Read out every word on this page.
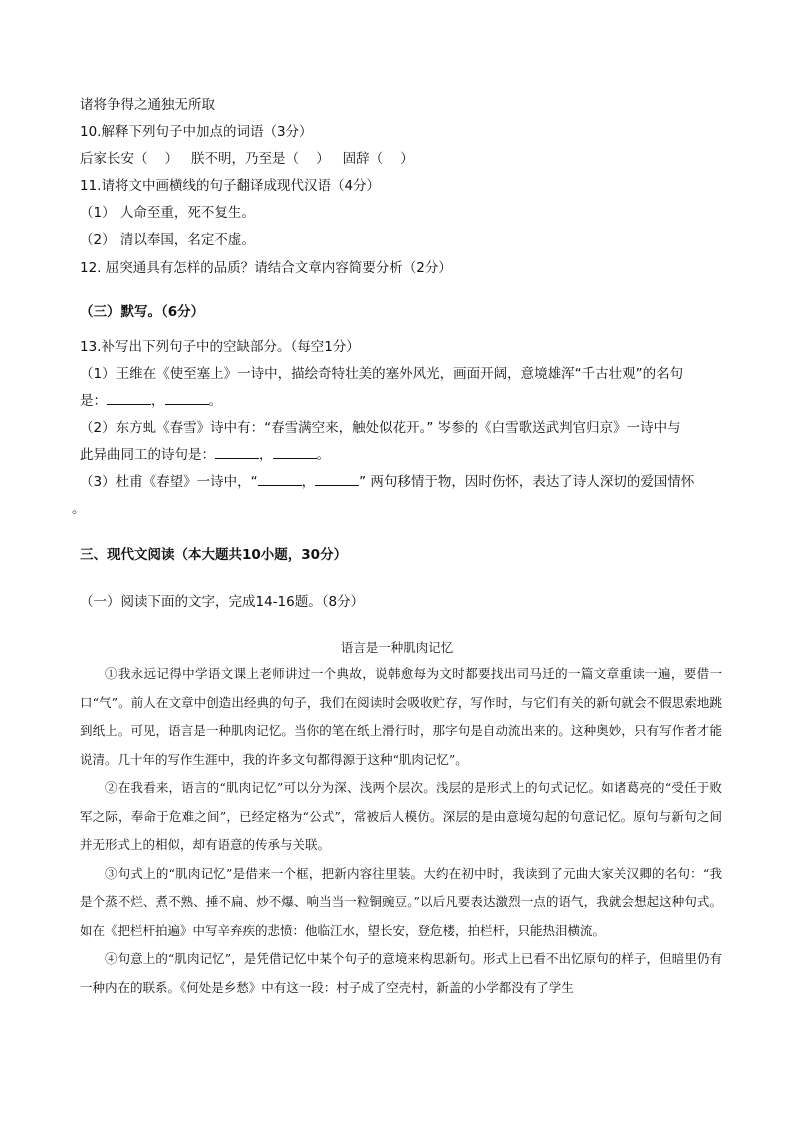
诸将争得之通独无所取
10.解释下列句子中加点的词语（3分）
后家长安（    ）   朕不明，乃至是（    ）   固辞（    ）
11.请将文中画横线的句子翻译成现代汉语（4分）
（1） 人命至重，死不复生。
（2） 清以奉国，名定不虚。
12. 屈突通具有怎样的品质？请结合文章内容简要分析（2分）
（三）默写。（6分）
13.补写出下列句子中的空缺部分。（每空1分）
（1）王维在《使至塞上》一诗中，描绘奇特壮美的塞外风光，画面开阔，意境雄浑“千古壮观”的名句
是：	，	。
（2）东方虬《春雪》诗中有：“春雪满空来，触处似花开。” 岑参的《白雪歌送武判官归京》一诗中与
此异曲同工的诗句是：	，	。
（3）杜甫《春望》一诗中，“	，	” 两句移情于物，因时伤怀，表达了诗人深切的爱国情怀
。
三、现代文阅读（本大题共10小题，30分）
（一）阅读下面的文字，完成14-16题。（8分）
语言是一种肌肉记忆

①我永远记得中学语文课上老师讲过一个典故，说韩愈每为文时都要找出司马迁的一篇文章重读一遍，要借一口“气”。前人在文章中创造出经典的句子，我们在阅读时会吸收贮存，写作时，与它们有关的新句就会不假思索地跳到纸上。可见，语言是一种肌肉记忆。当你的笔在纸上滑行时，那字句是自动流出来的。这种奥妙，只有写作者才能说清。几十年的写作生涯中，我的许多文句都得源于这种“肌肉记忆”。

②在我看来，语言的“肌肉记忆”可以分为深、浅两个层次。浅层的是形式上的句式记忆。如诸葛亮的“受任于败军之际，奉命于危难之间”，已经定格为“公式”，常被后人模仿。深层的是由意境勾起的句意记忆。原句与新句之间并无形式上的相似，却有语意的传承与关联。

③句式上的“肌肉记忆”是借来一个框，把新内容往里装。大约在初中时，我读到了元曲大家关汉卿的名句：“我是个蒸不烂、煮不熟、捶不扁、炒不爆、响当当一粒铜豌豆。”以后凡要表达激烈一点的语气，我就会想起这种句式。如在《把栏杆拍遍》中写辛弃疾的悲愤：他临江水，望长安，登危楼，拍栏杆，只能热泪横流。

④句意上的“肌肉记忆”，是凭借记忆中某个句子的意境来构思新句。形式上已看不出忆原句的样子，但暗里仍有一种内在的联系。《何处是乡愁》中有这一段：村子成了空壳村，新盖的小学都没有了学生
